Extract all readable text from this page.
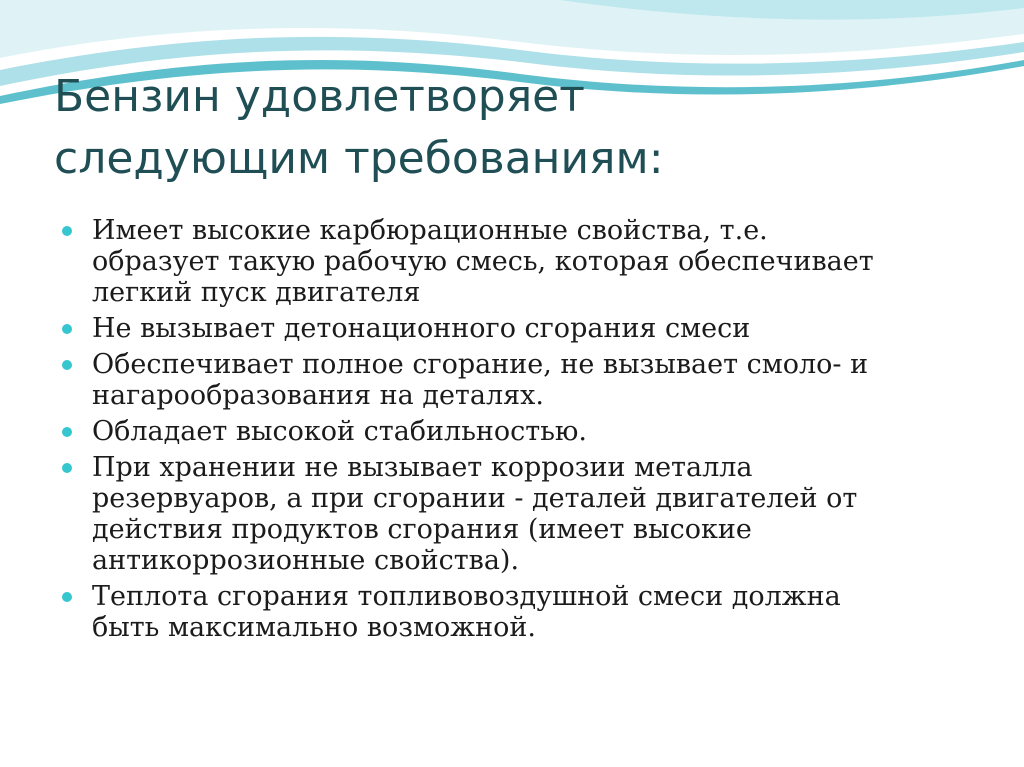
Бензин удовлетворяет
следующим требованиям:
Имеет высокие карбюрационные свойства, т.е.
образует такую рабочую смесь, которая обеспечивает
легкий пуск двигателя
Не вызывает детонационного сгорания смеси
Обеспечивает полное сгорание, не вызывает смоло- и
нагарообразования на деталях.
Обладает высокой стабильностью.
При хранении не вызывает коррозии металла
резервуаров, а при сгорании - деталей двигателей от
действия продуктов сгорания (имеет высокие
антикоррозионные свойства).
Теплота сгорания топливовоздушной смеси должна
быть максимально возможной.
